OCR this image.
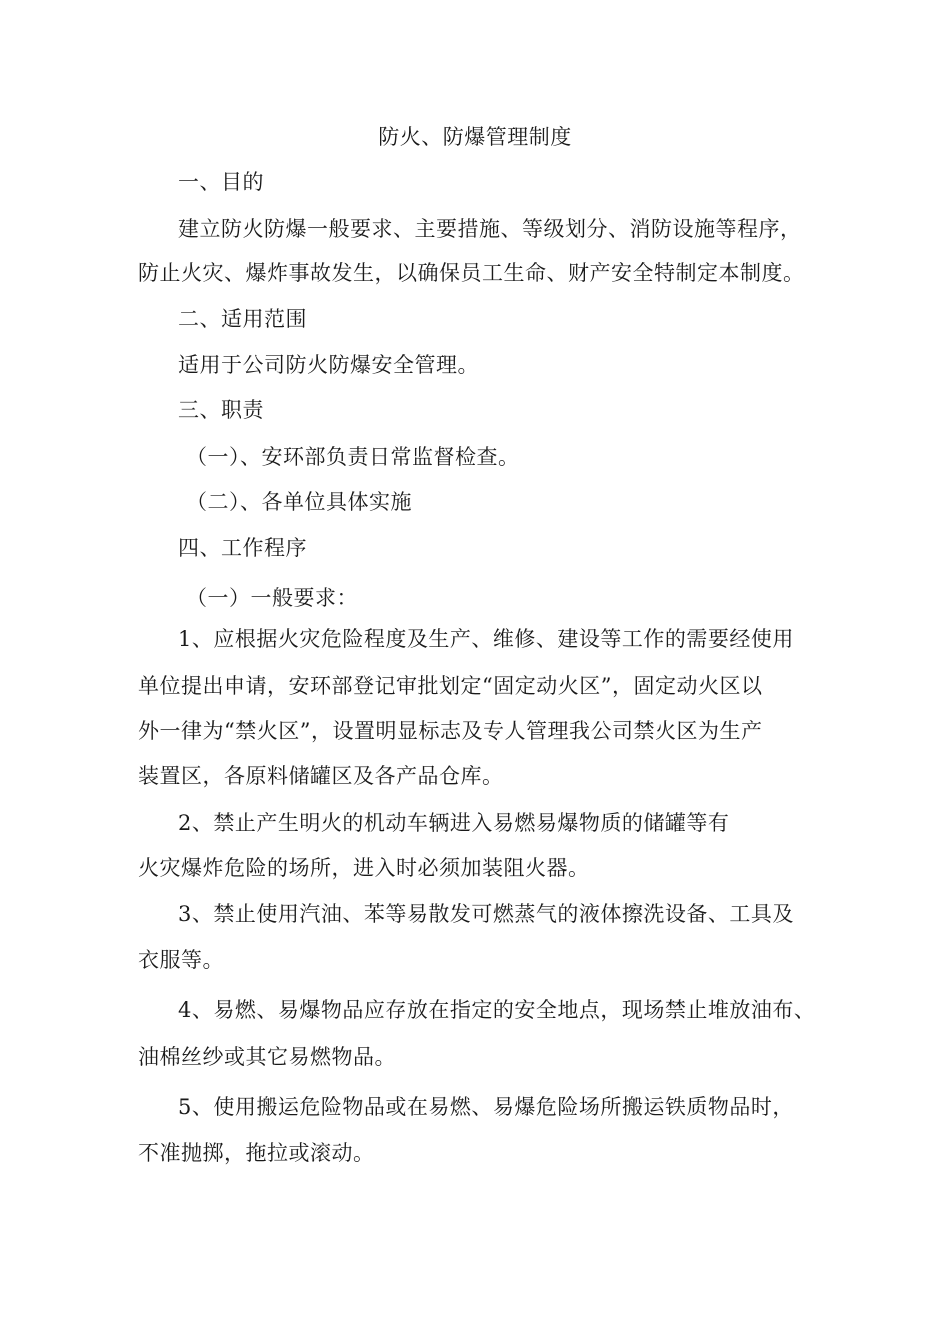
防火、防爆管理制度
一、目的
建立防火防爆一般要求、主要措施、等级划分、消防设施等程序，
防止火灾、爆炸事故发生，以确保员工生命、财产安全特制定本制度。
二、适用范围
适用于公司防火防爆安全管理。
三、职责
（一）、安环部负责日常监督检查。
（二）、各单位具体实施
四、工作程序
（一）一般要求：
1、应根据火灾危险程度及生产、维修、建设等工作的需要经使用
单位提出申请，安环部登记审批划定“固定动火区”，固定动火区以
外一律为“禁火区”，设置明显标志及专人管理我公司禁火区为生产
装置区，各原料储罐区及各产品仓库。
2、禁止产生明火的机动车辆进入易燃易爆物质的储罐等有
火灾爆炸危险的场所，进入时必须加装阻火器。
3、禁止使用汽油、苯等易散发可燃蒸气的液体擦洗设备、工具及
衣服等。
4、易燃、易爆物品应存放在指定的安全地点，现场禁止堆放油布、
油棉丝纱或其它易燃物品。
5、使用搬运危险物品或在易燃、易爆危险场所搬运铁质物品时，
不准抛掷，拖拉或滚动。
